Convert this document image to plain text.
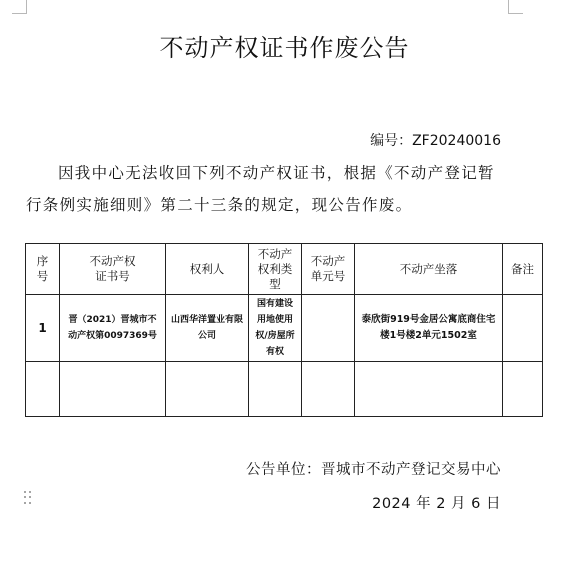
不动产权证书作废公告
编号：ZF20240016
因我中心无法收回下列不动产权证书，根据《不动产登记暂行条例实施细则》第二十三条的规定，现公告作废。
序号	不动产权证书号	权利人	不动产权利类型	不动产单元号	不动产坐落	备注
1	晋（2021）晋城市不动产权第0097369号	山西华洋置业有限公司	国有建设用地使用权/房屋所有权		泰欣街919号金居公寓底商住宅楼1号楼2单元1502室	

公告单位：晋城市不动产登记交易中心
2024 年 2 月 6 日
